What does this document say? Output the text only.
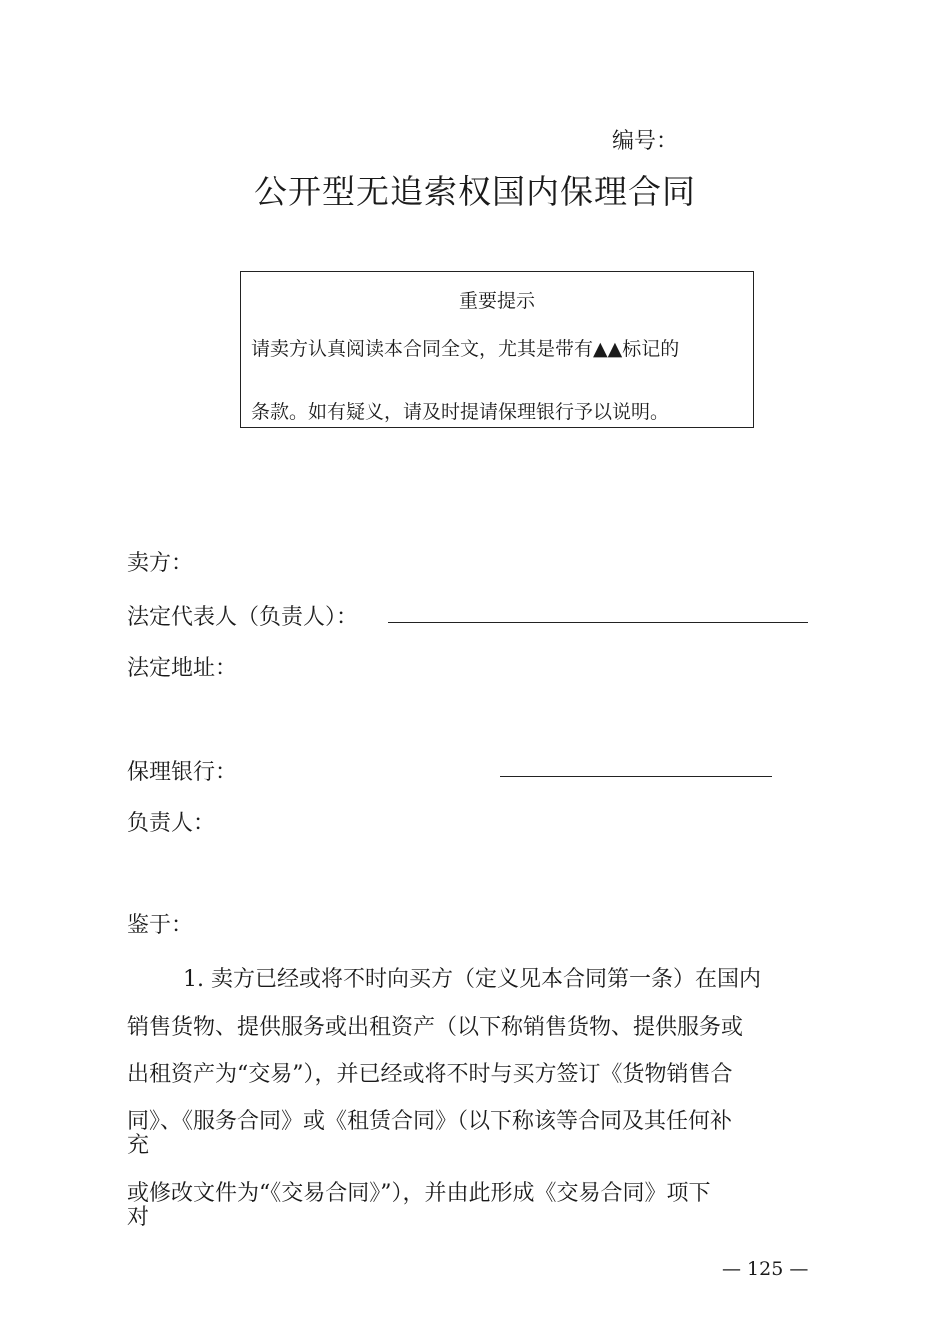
编号：
公开型无追索权国内保理合同
重要提示
请卖方认真阅读本合同全文，尤其是带有▲▲标记的
条款。如有疑义，请及时提请保理银行予以说明。
卖方：
法定代表人（负责人）：
法定地址：
保理银行：
负责人：
鉴于：
1. 卖方已经或将不时向买方（定义见本合同第一条）在国内
销售货物、提供服务或出租资产（以下称销售货物、提供服务或
出租资产为“交易”），并已经或将不时与买方签订《货物销售合
同》、《服务合同》或《租赁合同》（以下称该等合同及其任何补
充
或修改文件为“《交易合同》”），并由此形成《交易合同》项下
对
— 125 —
